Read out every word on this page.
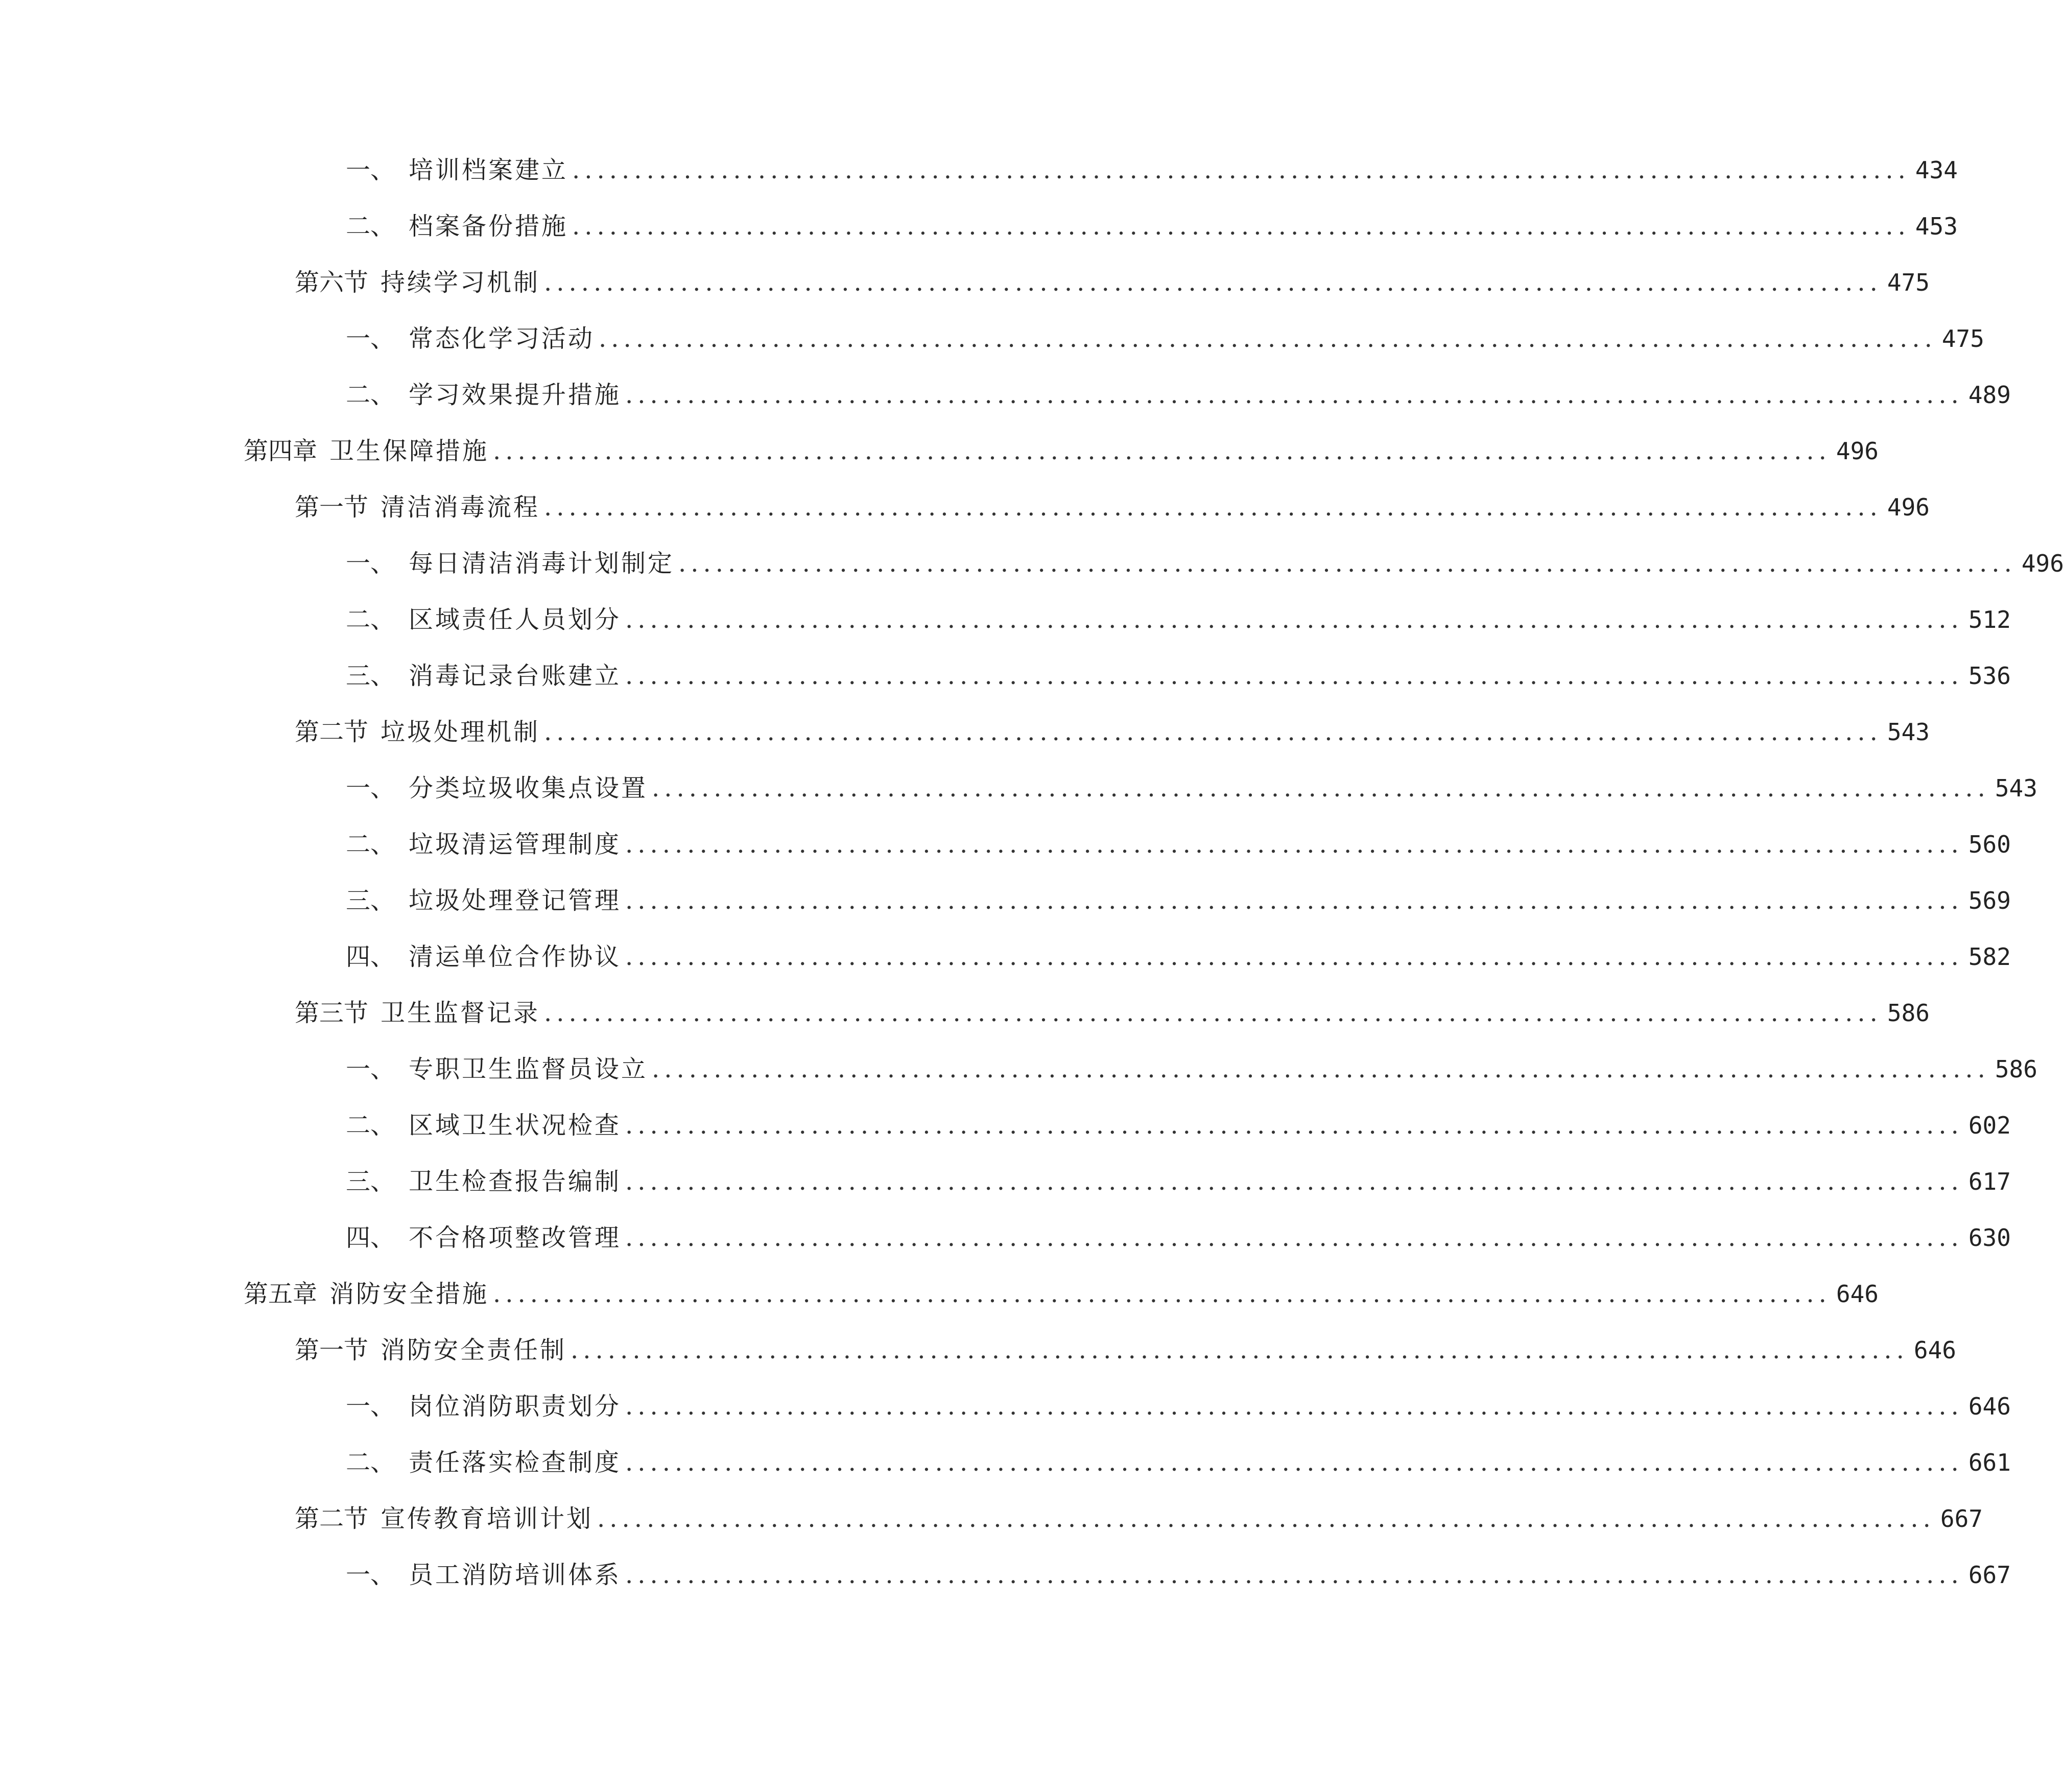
一、 培训档案建立 ............................................................................................................ 434
二、 档案备份措施 ............................................................................................................ 453
第六节 持续学习机制 ............................................................................................................ 475
一、 常态化学习活动 ............................................................................................................ 475
二、 学习效果提升措施 ............................................................................................................ 489
第四章 卫生保障措施 ............................................................................................................ 496
第一节 清洁消毒流程 ............................................................................................................ 496
一、 每日清洁消毒计划制定 ............................................................................................................ 496
二、 区域责任人员划分 ............................................................................................................ 512
三、 消毒记录台账建立 ............................................................................................................ 536
第二节 垃圾处理机制 ............................................................................................................ 543
一、 分类垃圾收集点设置 ............................................................................................................ 543
二、 垃圾清运管理制度 ............................................................................................................ 560
三、 垃圾处理登记管理 ............................................................................................................ 569
四、 清运单位合作协议 ............................................................................................................ 582
第三节 卫生监督记录 ............................................................................................................ 586
一、 专职卫生监督员设立 ............................................................................................................ 586
二、 区域卫生状况检查 ............................................................................................................ 602
三、 卫生检查报告编制 ............................................................................................................ 617
四、 不合格项整改管理 ............................................................................................................ 630
第五章 消防安全措施 ............................................................................................................ 646
第一节 消防安全责任制 ............................................................................................................ 646
一、 岗位消防职责划分 ............................................................................................................ 646
二、 责任落实检查制度 ............................................................................................................ 661
第二节 宣传教育培训计划 ............................................................................................................ 667
一、 员工消防培训体系 ............................................................................................................ 667
